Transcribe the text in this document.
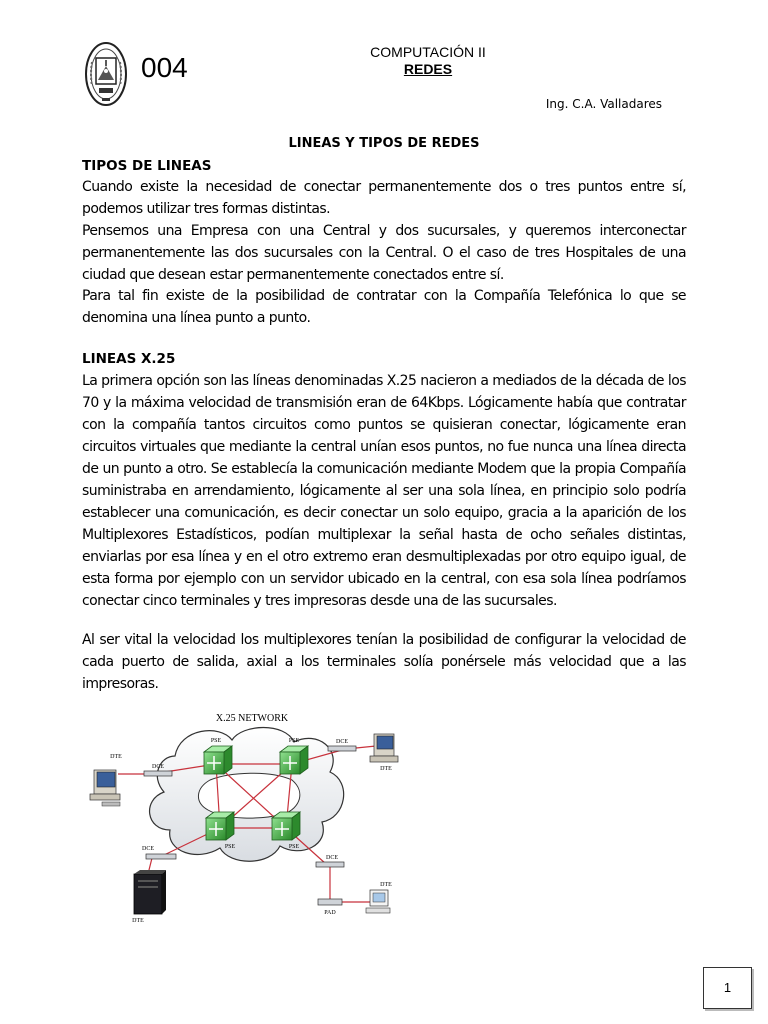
004	COMPUTACIÓN II
REDES
Ing. C.A. Valladares
LINEAS Y TIPOS DE REDES
TIPOS DE LINEAS

Cuando existe la necesidad de conectar permanentemente dos o tres puntos entre sí, podemos utilizar tres formas distintas.

Pensemos una Empresa con una Central y dos sucursales, y queremos interconectar permanentemente las dos sucursales con la Central. O el caso de tres Hospitales de una ciudad que desean estar permanentemente conectados entre sí.

Para tal fin existe de la posibilidad de contratar con la Compañía Telefónica lo que se denomina una línea punto a punto.

LINEAS X.25

La primera opción son las líneas denominadas X.25 nacieron a mediados de la década de los 70 y la máxima velocidad de transmisión eran de 64Kbps. Lógicamente había que contratar con la compañía tantos circuitos como puntos se quisieran conectar, lógicamente eran circuitos virtuales que mediante la central unían esos puntos, no fue nunca una línea directa de un punto a otro. Se establecía la comunicación mediante Modem que la propia Compañía suministraba en arrendamiento, lógicamente al ser una sola línea, en principio solo podría establecer una comunicación, es decir conectar un solo equipo, gracia a la aparición de los Multiplexores Estadísticos, podían multiplexar la señal hasta de ocho señales distintas, enviarlas por esa línea y en el otro extremo eran desmultiplexadas por otro equipo igual, de esta forma por ejemplo con un servidor ubicado en la central, con esa sola línea podríamos conectar cinco terminales y tres impresoras desde una de las sucursales.

Al ser vital la velocidad los multiplexores tenían la posibilidad de configurar la velocidad de cada puerto de salida, axial a los terminales solía ponérsele más velocidad que a las impresoras.

X.25 NETWORK
PSE	PSE
PSE	PSE
DCE
DCE
DCE
DCE
PAD
DTE
DTE
DTE
DTE
1
